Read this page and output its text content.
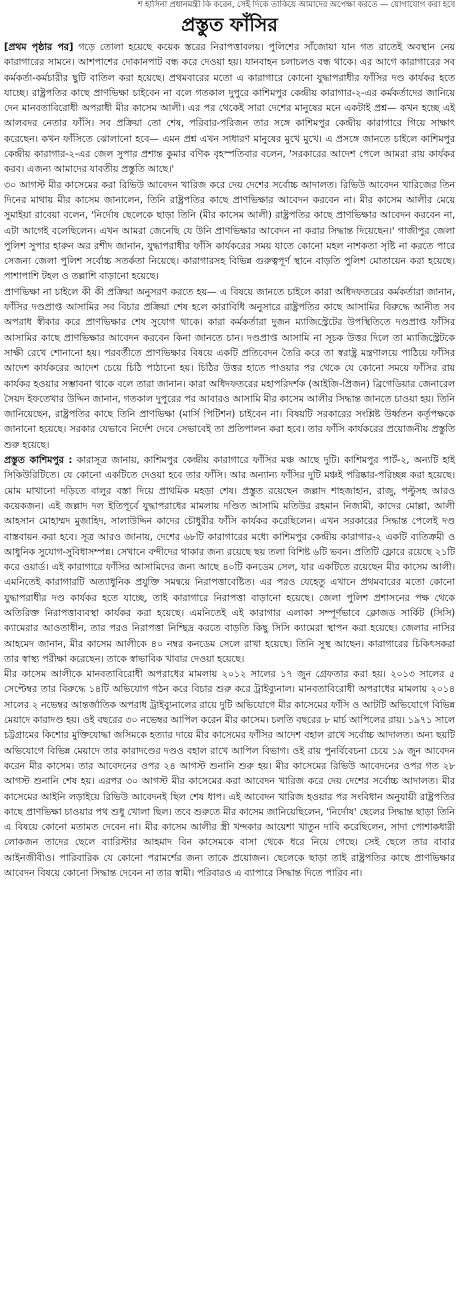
শ হাসিনা প্রধানমন্ত্রী কি করেন, সেই দিকে তাকিয়ে আমাদের অপেক্ষা করতে — যোগাযোগ করা হবে
প্রস্তুত ফাঁসির

[প্রথম পৃষ্ঠার পর] গড়ে তোলা হয়েছে কয়েক স্তরের নিরাপত্তাবলয়। পুলিশের সাঁজোয়া যান গত রাতেই অবস্থান নেয় কারাগারের সামনে। আশপাশের দোকানপাট বন্ধ করে দেওয়া হয়। যানবাহন চলাচলও বন্ধ থাকে। এর আগে কারাগারের সব কর্মকর্তা-কর্মচারীর ছুটি বাতিল করা হয়েছে। প্রথমবারের মতো এ কারাগারে কোনো যুদ্ধাপরাধীর ফাঁসির দণ্ড কার্যকর হতে যাচ্ছে। রাষ্ট্রপতির কাছে প্রাণভিক্ষা চাইবেন না বলে গতকাল দুপুরে কাশিমপুর কেন্দ্রীয় কারাগার-২-এর কর্মকর্তাদের জানিয়ে দেন মানবতাবিরোধী অপরাধী মীর কাসেম আলী। এর পর থেকেই সারা দেশের মানুষের মনে একটাই প্রশ্ন— কখন হচ্ছে এই আলবদর নেতার ফাঁসি। সব প্রক্রিয়া তো শেষ, পরিবার-পরিজন তার সঙ্গে কাশিমপুর কেন্দ্রীয় কারাগারে গিয়ে সাক্ষাৎ করেছেন। কখন ফাঁসিতে ঝোলানো হবে— এমন প্রশ্ন এখন সাধারণ মানুষের মুখে মুখে। এ প্রসঙ্গে জানতে চাইলে কাশিমপুর কেন্দ্রীয় কারাগার-২-এর জেল সুপার প্রশান্ত কুমার বণিক বৃহস্পতিবার বলেন, 'সরকারের আদেশ পেলে আমরা রায় কার্যকর করব। এজন্য আমাদের যাবতীয় প্রস্তুতি আছে।'

৩০ আগস্ট মীর কাসেমের করা রিভিউ আবেদন খারিজ করে দেয় দেশের সর্বোচ্চ আদালত। রিভিউ আবেদন খারিজের তিন দিনের মাথায় মীর কাসেম জানালেন, তিনি রাষ্ট্রপতির কাছে প্রাণভিক্ষার আবেদন করবেন না। মীর কাসেম আলীর মেয়ে সুমাইয়া রাবেয়া বলেন, 'নির্দোষ ছেলেকে ছাড়া তিনি (মীর কাসেম আলী) রাষ্ট্রপতির কাছে প্রাণভিক্ষার আবেদন করবেন না, এটা আগেই বলেছিলেন। এখন আমরা জেনেছি যে উনি প্রাণভিক্ষার আবেদন না করার সিদ্ধান্ত দিয়েছেন।' গাজীপুর জেলা পুলিশ সুপার হারুন অর রশীদ জানান, যুদ্ধাপরাধীর ফাঁসি কার্যকরের সময় যাতে কোনো মহল নাশকতা সৃষ্টি না করতে পারে সেজন্য জেলা পুলিশ সর্বোচ্চ সতর্কতা নিয়েছে। কারাগারসহ বিভিন্ন গুরুত্বপূর্ণ স্থানে বাড়তি পুলিশ মোতায়েন করা হয়েছে। পাশাপাশি টহল ও তল্লাশি বাড়ানো হয়েছে।

প্রাণভিক্ষা না চাইলে কী কী প্রক্রিয়া অনুসরণ করতে হয়— এ বিষয়ে জানতে চাইলে কারা অধিদফতরের কর্মকর্তারা জানান, ফাঁসির দণ্ডপ্রাপ্ত আসামির সব বিচার প্রক্রিয়া শেষ হলে কারাবিধি অনুসারে রাষ্ট্রপতির কাছে আসামির বিরুদ্ধে আনীত সব অপরাধ স্বীকার করে প্রাণভিক্ষার শেষ সুযোগ থাকে। কারা কর্মকর্তারা দুজন ম্যাজিস্ট্রেটের উপস্থিতিতে দণ্ডপ্রাপ্ত ফাঁসির আসামির কাছে প্রাণভিক্ষার আবেদন করবেন কিনা জানতে চান। দণ্ডপ্রাপ্ত আসামি না সূচক উত্তর দিলে তা ম্যাজিস্ট্রেটকে সাক্ষী রেখে শোনানো হয়। পরবর্তীতে প্রাণভিক্ষার বিষয়ে একটি প্রতিবেদন তৈরি করে তা স্বরাষ্ট্র মন্ত্রণালয়ে পাঠিয়ে ফাঁসির আদেশ কার্যকরের আদেশ চেয়ে চিঠি পাঠানো হয়। চিঠির উত্তর হাতে পাওয়ার পর থেকে যে কোনো সময়ে ফাঁসির রায় কার্যকর হওয়ার সম্ভাবনা থাকে বলে তারা জানান। কারা অধিদফতরের মহাপরিদর্শক (আইজি-প্রিজন) ব্রিগেডিয়ার জেনারেল সৈয়দ ইফতেখার উদ্দিন জানান, গতকাল দুপুরের পর আবারও আসামি মীর কাসেম আলীর সিদ্ধান্ত জানতে চাওয়া হয়। তিনি জানিয়েছেন, রাষ্ট্রপতির কাছে তিনি প্রাণভিক্ষা (মার্সি পিটিশন) চাইবেন না। বিষয়টি সরকারের সংশ্লিষ্ট উর্ধ্বতন কর্তৃপক্ষকে জানানো হয়েছে। সরকার যেভাবে নির্দেশ দেবে সেভাবেই তা প্রতিপালন করা হবে। তার ফাঁসি কার্যকরের প্রয়োজনীয় প্রস্তুতি শুরু হয়েছে।

প্রস্তুত কাশিমপুর : কারাসূত্র জানায়, কাশিমপুর কেন্দ্রীয় কারাগারে ফাঁসির মঞ্চ আছে দুটি। কাশিমপুর পার্ট-২, অন্যটি হাই সিকিউরিটিতে। যে কোনো একটিতে দেওয়া হবে তার ফাঁসি। আর অন্যান্য ফাঁসির দুটি মঞ্চই পরিষ্কার-পরিচ্ছন্ন করা হয়েছে। মোম মাখানো দড়িতে বালুর বস্তা দিয়ে প্রাথমিক মহড়া শেষ। প্রস্তুত রয়েছেন জল্লাদ শাহজাহান, রাজু, পল্টুসহ আরও কয়েকজন। এই জল্লাদ দল ইতিপূর্বে যুদ্ধাপরাধের মামলায় দণ্ডিত আসামি মতিউর রহমান নিজামী, কাদের মোল্লা, আলী আহসান মোহাম্মদ মুজাহিদ, সালাউদ্দিন কাদের চৌধুরীর ফাঁসি কার্যকর করেছিলেন। এখন সরকারের সিদ্ধান্ত পেলেই দণ্ড বাস্তবায়ন করা হবে। সূত্র আরও জানায়, দেশের ৬৮টি কারাগারের মধ্যে কাশিমপুর কেন্দ্রীয় কারাগার-২ একটি ব্যতিক্রমী ও আধুনিক সুযোগ-সুবিধাসম্পন্ন। সেখানে বন্দীদের থাকার জন্য রয়েছে ছয় তলা বিশিষ্ট ৬টি ভবন। প্রতিটি ফ্লোরে রয়েছে ২১টি করে ওয়ার্ড। এই কারাগারে ফাঁসির আসামিদের জন্য আছে ৪০টি কনডেম সেল, যার একটিতে রয়েছেন মীর কাসেম আলী। এমনিতেই কারাগারটি অত্যাধুনিক প্রযুক্তি সমন্বয়ে নিরাপত্তাবেষ্টিত। এর পরও যেহেতু এখানে প্রথমবারের মতো কোনো যুদ্ধাপরাধীর দণ্ড কার্যকর হতে যাচ্ছে, তাই কারাগারে নিরাপত্তা বাড়ানো হয়েছে। জেলা পুলিশ প্রশাসনের পক্ষ থেকে অতিরিক্ত নিরাপত্তাব্যবস্থা কার্যকর করা হয়েছে। এমনিতেই এই কারাগার এলাকা সম্পূর্ণভাবে ক্লোজড সার্কিট (সিসি) ক্যামেরার আওতাধীন, তার পরও নিরাপত্তা নিশ্ছিদ্র করতে বাড়তি কিছু সিসি ক্যামেরা স্থাপন করা হয়েছে। জেলার নাসির আহমেদ জানান, মীর কাসেম আলীকে ৪০ নম্বর কনডেম সেলে রাখা হয়েছে। তিনি সুস্থ আছেন। কারাগারের চিকিৎসকরা তার স্বাস্থ্য পরীক্ষা করেছেন। তাকে স্বাভাবিক খাবার দেওয়া হয়েছে।

মীর কাসেম আলীকে মানবতাবিরোধী অপরাধের মামলায় ২০১২ সালের ১৭ জুন গ্রেফতার করা হয়। ২০১৩ সালের ৫ সেপ্টেম্বর তার বিরুদ্ধে ১৪টি অভিযোগ গঠন করে বিচার শুরু করে ট্রাইব্যুনাল। মানবতাবিরোধী অপরাধের মামলায় ২০১৪ সালের ২ নভেম্বর আন্তর্জাতিক অপরাধ ট্রাইব্যুনালের রায়ে দুটি অভিযোগে মীর কাসেমের ফাঁসি ও আটটি অভিযোগে বিভিন্ন মেয়াদে কারাদণ্ড হয়। ওই বছরের ৩০ নভেম্বর আপিল করেন মীর কাসেম। চলতি বছরের ৮ মার্চ আপিলের রায়। ১৯৭১ সালে চট্টগ্রামের কিশোর মুক্তিযোদ্ধা জসিমকে হত্যার দায়ে মীর কাসেমের ফাঁসির আদেশ বহাল রাখে সর্বোচ্চ আদালত। অন্য ছয়টি অভিযোগে বিভিন্ন মেয়াদে তার কারাদণ্ডের দণ্ডও বহাল রাখে আপিল বিভাগ। ওই রায় পুনর্বিবেচনা চেয়ে ১৯ জুন আবেদন করেন মীর কাসেম। তার আবেদনের ওপর ২৪ আগস্ট শুনানি শুরু হয়। মীর কাসেমের রিভিউ আবেদনের ওপর গত ২৮ আগস্ট শুনানি শেষ হয়। এরপর ৩০ আগস্ট মীর কাসেমের করা আবেদন খারিজ করে দেয় দেশের সর্বোচ্চ আদালত। মীর কাসেমের আইনি লড়াইয়ে রিভিউ আবেদনই ছিল শেষ ধাপ। এই আবেদন খারিজ হওয়ার পর সংবিধান অনুযায়ী রাষ্ট্রপতির কাছে প্রাণভিক্ষা চাওয়ার পথ শুধু খোলা ছিল। তবে শুরুতে মীর কাসেম জানিয়েছিলেন, 'নির্দোষ' ছেলের সিদ্ধান্ত ছাড়া তিনি এ বিষয়ে কোনো মতামত দেবেন না। মীর কাসেম আলীর স্ত্রী খন্দকার আয়েশা খাতুন দাবি করেছিলেন, সাদা পোশাকধারী লোকজন তাদের ছেলে ব্যারিস্টার আহমাদ বিন কাসেমকে বাসা থেকে ধরে নিয়ে গেছে। সেই ছেলে তার বাবার আইনজীবীও। পারিবারিক যে কোনো পরামর্শের জন্য তাকে প্রয়োজন। ছেলেকে ছাড়া তাই রাষ্ট্রপতির কাছে প্রাণভিক্ষার আবেদন বিষয়ে কোনো সিদ্ধান্ত দেবেন না তার স্বামী। পরিবারও এ ব্যাপারে সিদ্ধান্ত দিতে পারিব না।
